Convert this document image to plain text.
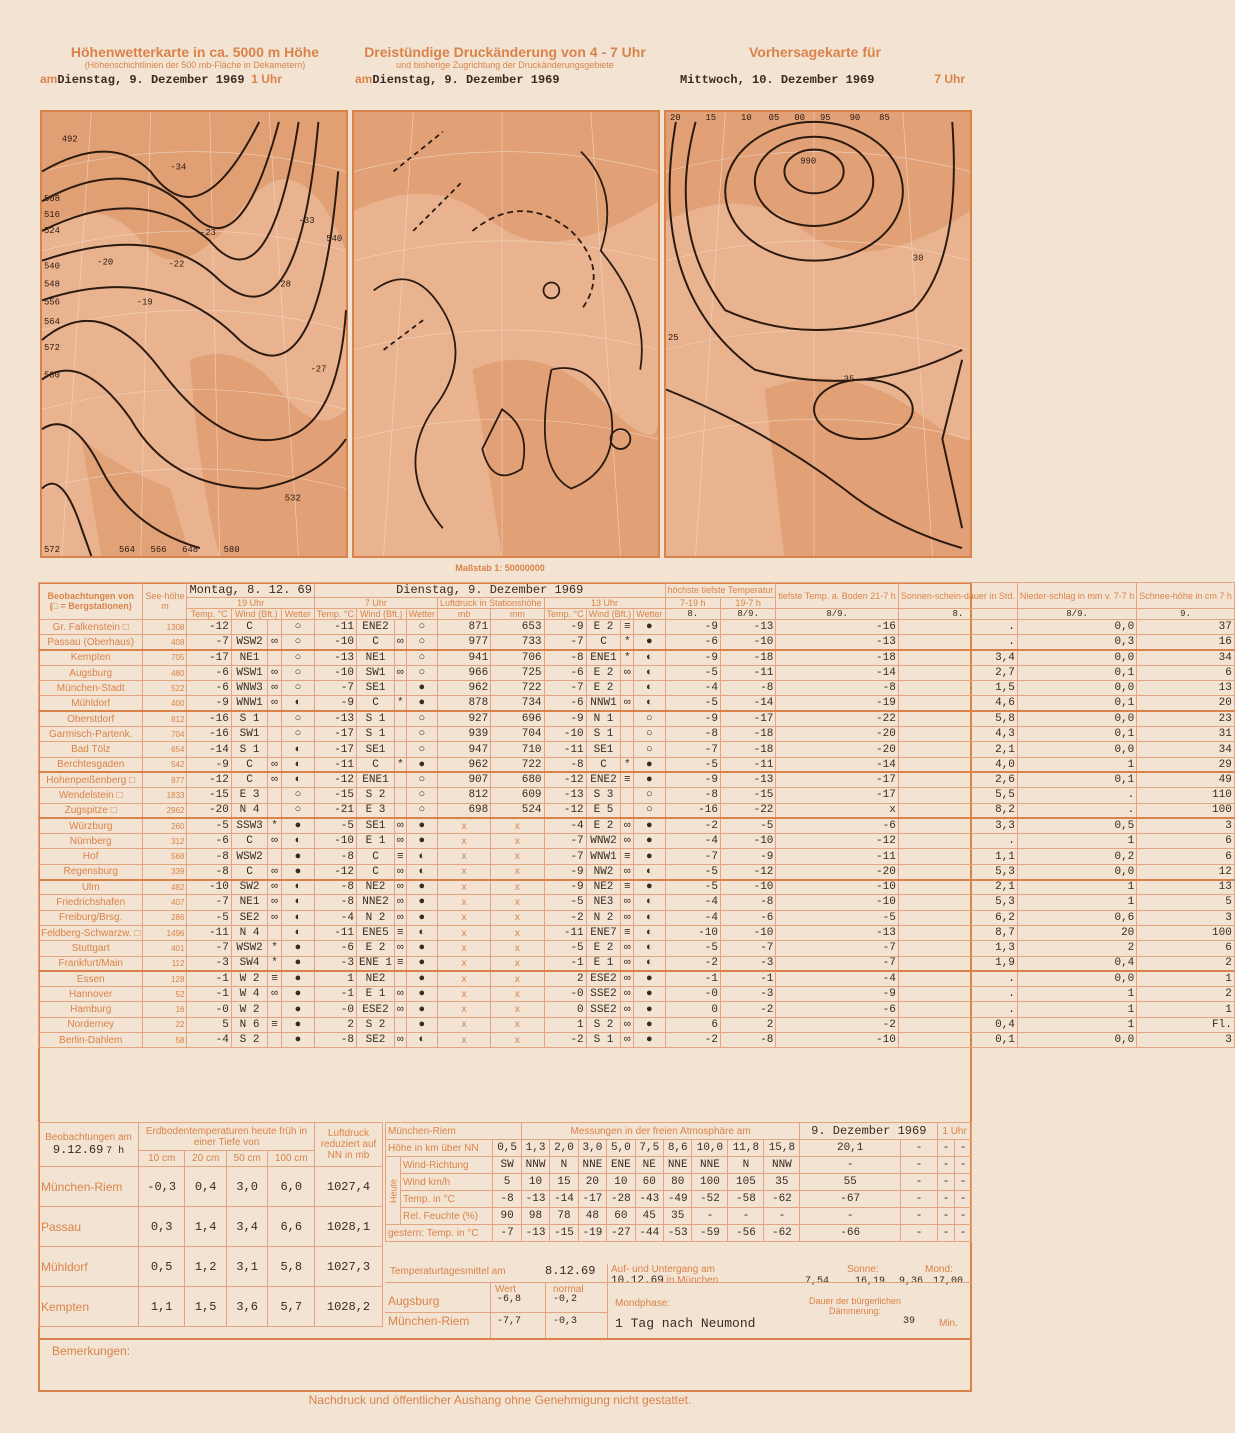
Höhenwetterkarte in ca. 5000 m Höhe
(Höhenschichtlinien der 500 mb-Fläche in Dekametern)
amDienstag, 9. Dezember 1969 1 Uhr
Dreistündige Druckänderung von 4 - 7 Uhr
und bisherige Zugrichtung der Druckänderungsgebiete
amDienstag, 9. Dezember 1969
Vorhersagekarte für

Mittwoch, 10. Dezember 1969	7 Uhr
492
508
516
524
540
548
556
564
572
580
-34
-33
-23
-22
-20
-19
-28
-27
532
540
572	564 566 648	580
20	15	10 05 00 95 90 85
990
25
30
35
Maßstab 1: 50000000
Beobachtungen von
(□ = Bergstationen)	See-höhe
m	Montag, 8. 12. 69				Dienstag, 9. Dezember 1969										höchste tiefste Temperatur		tiefste Temp. a. Boden 21-7 h	Sonnen-schein-dauer in Std.	Nieder-schlag in mm v. 7-7 h	Schnee-höhe in cm 7 h
		19 Uhr				7 Uhr				Luftdruck in Stationshöhe		13 Uhr				7-19 h	19-7 h				
		Temp. °C	Wind (Bft.)		Wetter	Temp. °C	Wind (Bft.)		Wetter	mb	mm	Temp. °C	Wind (Bft.)		Wetter	8.	8/9.	8/9.	8.	8/9.	9.
Gr. Falkenstein □	1308	-12	C		○	-11	ENE2		○	871	653	-9	E 2	≡	●	-9	-13	-16	.	0,0	37
Passau (Oberhaus)	408	-7	WSW2	∞	○	-10	C	∞	○	977	733	-7	C	*	●	-6	-10	-13	.	0,3	16
Kempten	705	-17	NE1		○	-13	NE1		○	941	706	-8	ENE1	*	◐	-9	-18	-18	3,4	0,0	34
Augsburg	480	-6	WSW1	∞	○	-10	SW1	∞	○	966	725	-6	E 2	∞	◐	-5	-11	-14	2,7	0,1	6
München-Stadt	522	-6	WNW3	∞	○	-7	SE1		●	962	722	-7	E 2		◐	-4	-8	-8	1,5	0,0	13
Mühldorf	400	-9	WNW1	∞	◐	-9	C	*	●	878	734	-6	NNW1	∞	◐	-5	-14	-19	4,6	0,1	20
Oberstdorf	812	-16	S 1		○	-13	S 1		○	927	696	-9	N 1		○	-9	-17	-22	5,8	0,0	23
Garmisch-Partenk.	704	-16	SW1		○	-17	S 1		○	939	704	-10	S 1		○	-8	-18	-20	4,3	0,1	31
Bad Tölz	654	-14	S 1		◐	-17	SE1		○	947	710	-11	SE1		○	-7	-18	-20	2,1	0,0	34
Berchtesgaden	542	-9	C	∞	◐	-11	C	*	●	962	722	-8	C	*	●	-5	-11	-14	4,0	1	29
Hohenpeißenberg □	977	-12	C	∞	◐	-12	ENE1		○	907	680	-12	ENE2	≡	●	-9	-13	-17	2,6	0,1	49
Wendelstein □	1833	-15	E 3		○	-15	S 2		○	812	609	-13	S 3		○	-8	-15	-17	5,5	.	110
Zugspitze □	2962	-20	N 4		○	-21	E 3		○	698	524	-12	E 5		○	-16	-22	x	8,2	.	100
Würzburg	260	-5	SSW3	*	●	-5	SE1	∞	●	x	x	-4	E 2	∞	●	-2	-5	-6	3,3	0,5	3
Nürnberg	312	-6	C	∞	◐	-10	E 1	∞	●	x	x	-7	WNW2	∞	●	-4	-10	-12	.	1	6
Hof	568	-8	WSW2		●	-8	C	≡	◐	x	x	-7	WNW1	≡	●	-7	-9	-11	1,1	0,2	6
Regensburg	339	-8	C	∞	●	-12	C	∞	◐	x	x	-9	NW2	∞	◐	-5	-12	-20	5,3	0,0	12
Ulm	482	-10	SW2	∞	◐	-8	NE2	∞	●	x	x	-9	NE2	≡	●	-5	-10	-10	2,1	1	13
Friedrichshafen	407	-7	NE1	∞	◐	-8	NNE2	∞	●	x	x	-5	NE3	∞	◐	-4	-8	-10	5,3	1	5
Freiburg/Brsg.	286	-5	SE2	∞	◐	-4	N 2	∞	●	x	x	-2	N 2	∞	◐	-4	-6	-5	6,2	0,6	3
Feldberg-Schwarzw. □	1496	-11	N 4		◐	-11	ENE5	≡	◐	x	x	-11	ENE7	≡	◐	-10	-10	-13	8,7	20	100
Stuttgart	401	-7	WSW2	*	●	-6	E 2	∞	●	x	x	-5	E 2	∞	◐	-5	-7	-7	1,3	2	6
Frankfurt/Main	112	-3	SW4	*	●	-3	ENE 1	≡	●	x	x	-1	E 1	∞	◐	-2	-3	-7	1,9	0,4	2
Essen	128	-1	W 2	≡	●	1	NE2		●	x	x	2	ESE2	∞	●	-1	-1	-4	.	0,0	1
Hannover	52	-1	W 4	∞	●	-1	E 1	∞	●	x	x	-0	SSE2	∞	●	-0	-3	-9	.	1	2
Hamburg	16	-0	W 2		●	-0	ESE2	∞	●	x	x	0	SSE2	∞	●	0	-2	-6	.	1	1
Norderney	22	5	N 6	≡	●	2	S 2		●	x	x	1	S 2	∞	●	6	2	-2	0,4	1	Fl.
Berlin-Dahlem	58	-4	S 2		●	-8	SE2	∞	◐	x	x	-2	S 1	∞	●	-2	-8	-10	0,1	0,0	3
Beobachtungen am
9.12.69 7 h	Erdbodentemperaturen heute früh in einer Tiefe von				Luftdruck reduziert auf NN in mb
	10 cm	20 cm	50 cm	100 cm	
München-Riem	-0,3	0,4	3,0	6,0	1027,4
Passau	0,3	1,4	3,4	6,6	1028,1
Mühldorf	0,5	1,2	3,1	5,8	1027,3
Kempten	1,1	1,5	3,6	5,7	1028,2
München-Riem			Messungen in der freien Atmosphäre am									9. Dezember 1969		1 Uhr	
Höhe in km über NN		0,5	1,3	2,0	3,0	5,0	7,5	8,6	10,0	11,8	15,8	20,1	-	-	-
Heute	Wind-Richtung	SW	NNW	N	NNE	ENE	NE	NNE	NNE	N	NNW	-	-	-	-
	Wind km/h	5	10	15	20	10	60	80	100	105	35	55	-	-	-
	Temp. in °C	-8	-13	-14	-17	-28	-43	-49	-52	-58	-62	-67	-	-	-
	Rel. Feuchte (%)	90	98	78	48	60	45	35	-	-	-	-	-	-	-
gestern: Temp. in °C		-7	-13	-15	-19	-27	-44	-53	-59	-56	-62	-66	-	-	-
Temperaturtagesmittel am	8.12.69 Auf- und Untergang am 10.12.69 in München
Sonne:
7,54	16,19
Mond:
9,36 17,00
Wert	normal
Augsburg	-6,8	-0,2	Mondphase:	Dauer der bürgerlichen Dämmerung:
München-Riem	-7,7	-0,3	1 Tag nach Neumond	39 Min.
Bemerkungen:
Nachdruck und öffentlicher Aushang ohne Genehmigung nicht gestattet.
